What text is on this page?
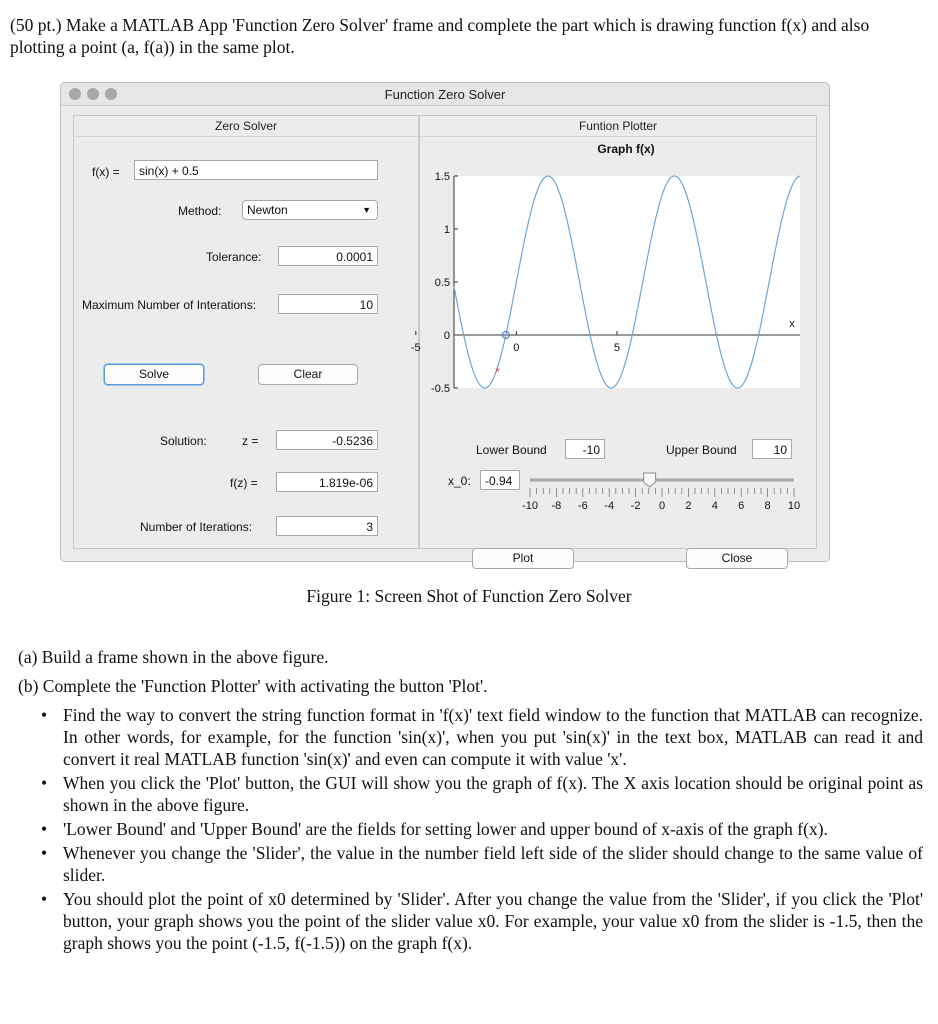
(50 pt.) Make a MATLAB App 'Function Zero Solver' frame and complete the part which is drawing function f(x) and also plotting a point (a, f(a)) in the same plot.
Function Zero Solver
Zero Solver
f(x) =	sin(x) + 0.5
Method:	Newton	▼
Tolerance:	0.0001
Maximum Number of Interations:	10
Solve	Clear
Solution:	z =	-0.5236
f(z) =	1.819e-06
Number of Iterations:	3
Funtion Plotter
Graph f(x)
1.5
1
0.5
0
-0.5
-5	0	5
*
x
Lower Bound	-10	Upper Bound	10
x_0:	-0.94
-10 -8 -6 -4 -2 0 2 4 6 8 10
Plot	Close
Figure 1: Screen Shot of Function Zero Solver
(a) Build a frame shown in the above figure.
(b) Complete the 'Function Plotter' with activating the button 'Plot'.
• Find the way to convert the string function format in 'f(x)' text field window to the function that MATLAB can recognize. In other words, for example, for the function 'sin(x)', when you put 'sin(x)' in the text box, MATLAB can read it and convert it real MATLAB function 'sin(x)' and even can compute it with value 'x'.
• When you click the 'Plot' button, the GUI will show you the graph of f(x). The X axis location should be original point as shown in the above figure.
• 'Lower Bound' and 'Upper Bound' are the fields for setting lower and upper bound of x-axis of the graph f(x).
• Whenever you change the 'Slider', the value in the number field left side of the slider should change to the same value of slider.
• You should plot the point of x0 determined by 'Slider'. After you change the value from the 'Slider', if you click the 'Plot' button, your graph shows you the point of the slider value x0. For example, your value x0 from the slider is -1.5, then the graph shows you the point (-1.5, f(-1.5)) on the graph f(x).
